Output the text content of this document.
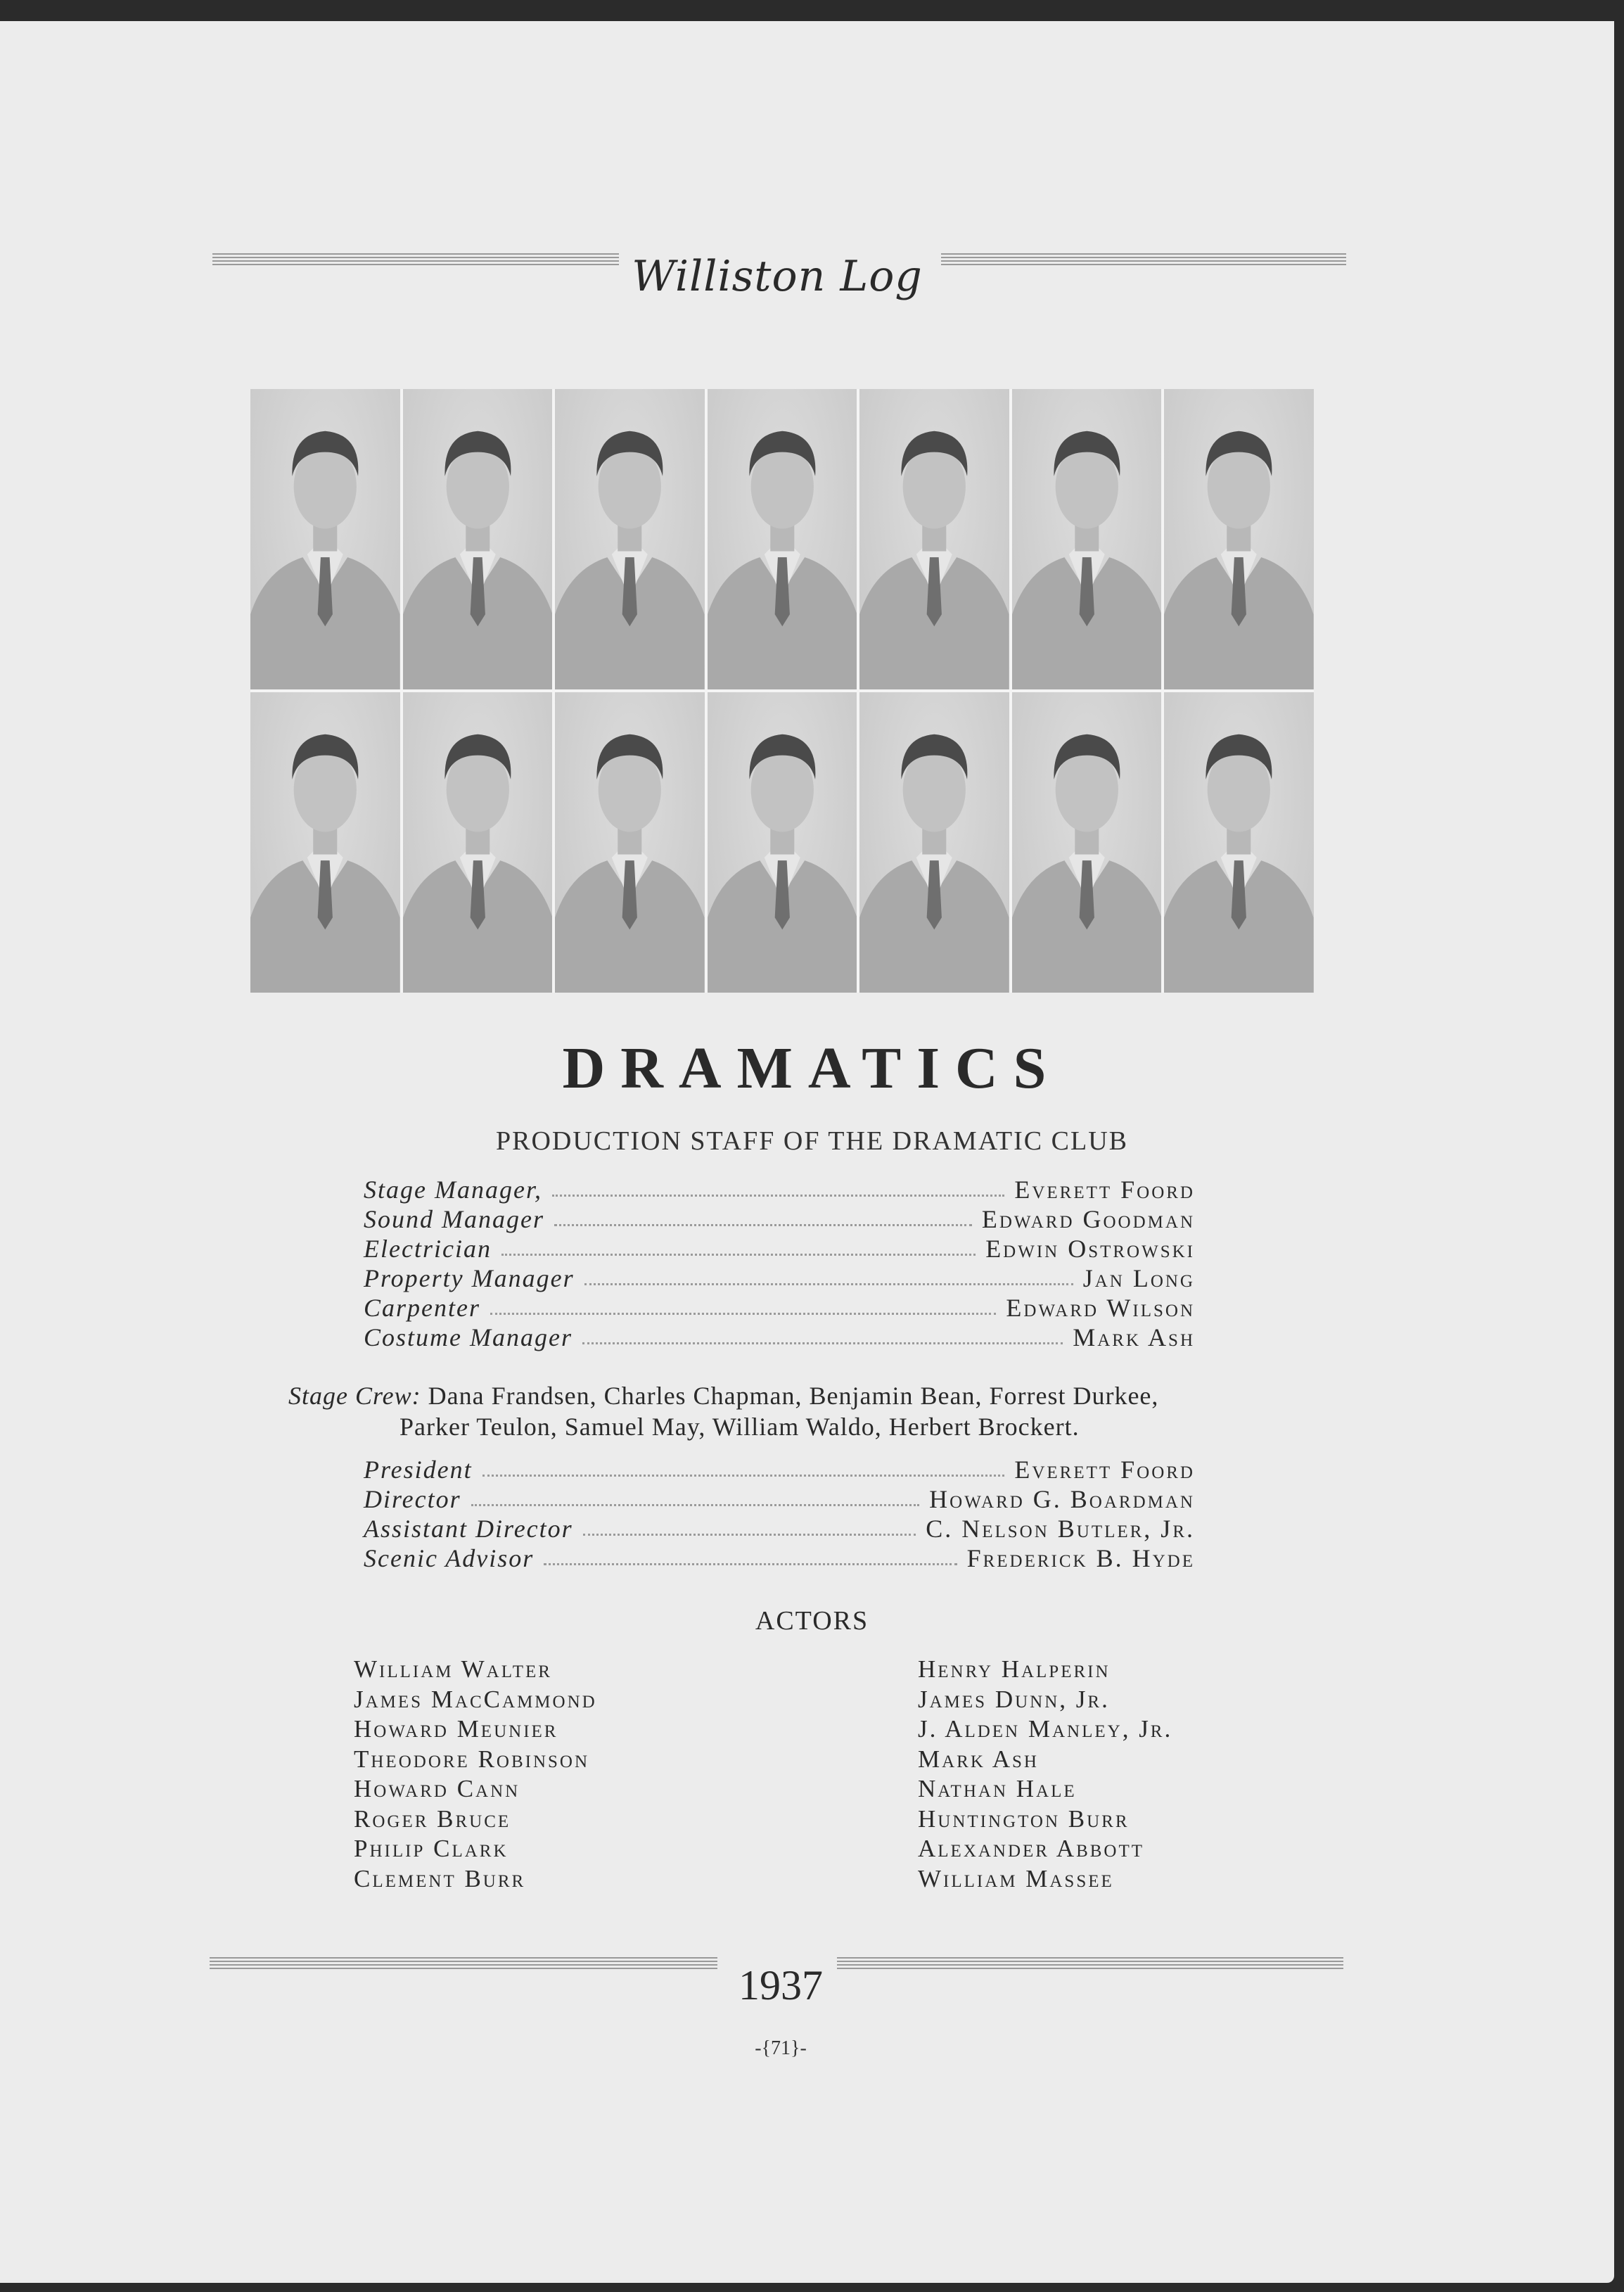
Williston Log
DRAMATICS
PRODUCTION STAFF OF THE DRAMATIC CLUB
Stage Manager,	Everett Foord
Sound Manager	Edward Goodman
Electrician	Edwin Ostrowski
Property Manager	Jan Long
Carpenter	Edward Wilson
Costume Manager	Mark Ash
Stage Crew: Dana Frandsen, Charles Chapman, Benjamin Bean, Forrest Durkee,
Parker Teulon, Samuel May, William Waldo, Herbert Brockert.
President	Everett Foord
Director	Howard G. Boardman
Assistant Director	C. Nelson Butler, Jr.
Scenic Advisor	Frederick B. Hyde
ACTORS
William Walter
James MacCammond
Howard Meunier
Theodore Robinson
Howard Cann
Roger Bruce
Philip Clark
Clement Burr
Henry Halperin
James Dunn, Jr.
J. Alden Manley, Jr.
Mark Ash
Nathan Hale
Huntington Burr
Alexander Abbott
William Massee
1937
-{71}-
